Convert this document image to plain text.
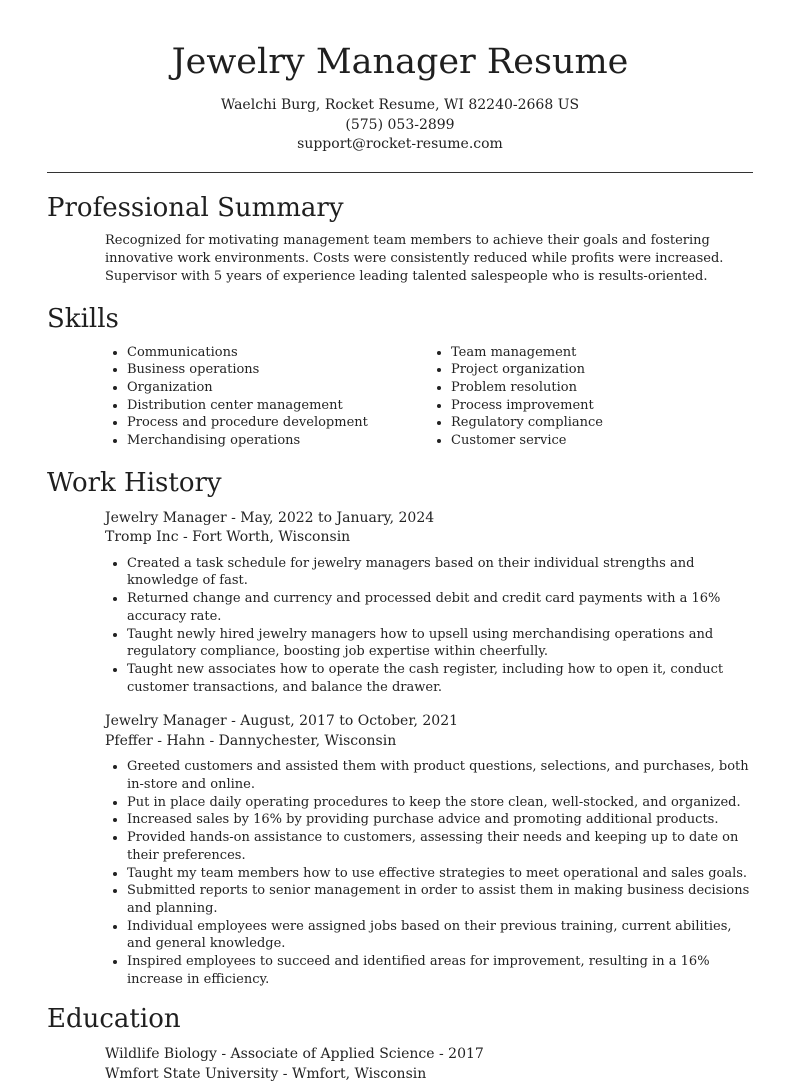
Jewelry Manager Resume
Waelchi Burg, Rocket Resume, WI 82240-2668 US
(575) 053-2899
support@rocket-resume.com
Professional Summary
Recognized for motivating management team members to achieve their goals and fostering innovative work environments. Costs were consistently reduced while profits were increased. Supervisor with 5 years of experience leading talented salespeople who is results-oriented.
Skills
• Communications
• Business operations
• Organization
• Distribution center management
• Process and procedure development
• Merchandising operations
• Team management
• Project organization
• Problem resolution
• Process improvement
• Regulatory compliance
• Customer service
Work History
Jewelry Manager - May, 2022 to January, 2024
Tromp Inc - Fort Worth, Wisconsin
• Created a task schedule for jewelry managers based on their individual strengths and knowledge of fast.
• Returned change and currency and processed debit and credit card payments with a 16% accuracy rate.
• Taught newly hired jewelry managers how to upsell using merchandising operations and regulatory compliance, boosting job expertise within cheerfully.
• Taught new associates how to operate the cash register, including how to open it, conduct customer transactions, and balance the drawer.
Jewelry Manager - August, 2017 to October, 2021
Pfeffer - Hahn - Dannychester, Wisconsin
• Greeted customers and assisted them with product questions, selections, and purchases, both in-store and online.
• Put in place daily operating procedures to keep the store clean, well-stocked, and organized.
• Increased sales by 16% by providing purchase advice and promoting additional products.
• Provided hands-on assistance to customers, assessing their needs and keeping up to date on their preferences.
• Taught my team members how to use effective strategies to meet operational and sales goals.
• Submitted reports to senior management in order to assist them in making business decisions and planning.
• Individual employees were assigned jobs based on their previous training, current abilities, and general knowledge.
• Inspired employees to succeed and identified areas for improvement, resulting in a 16% increase in efficiency.
Education
Wildlife Biology - Associate of Applied Science - 2017
Wmfort State University - Wmfort, Wisconsin
